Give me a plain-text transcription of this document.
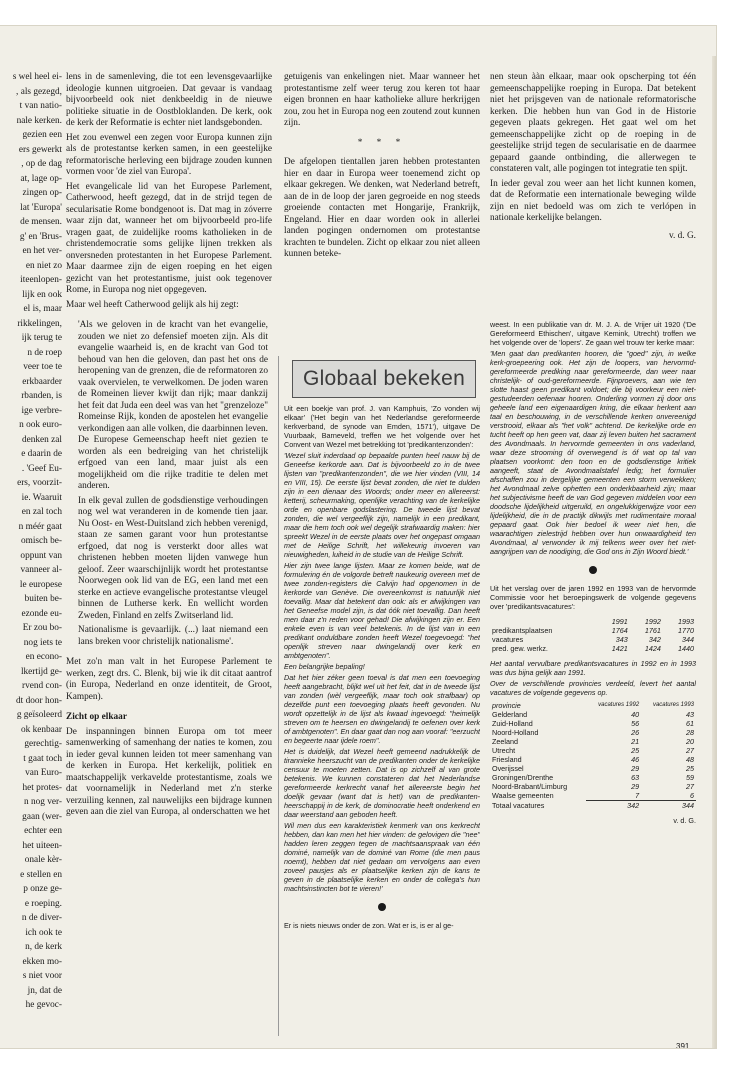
s wel heel ei-

, als gezegd,

t van natio-

nale kerken.

gezien een

ers gewerkt

, op de dag

at, lage op-

zingen op-

lat 'Europa'

de mensen.

g' en 'Brus-

en het ver-

en niet zo

iteenlopen-

lijk en ook

el is, maar

rikkelingen,

ijk terug te

n de roep

veer toe te

erkbaarder

rbanden, is

ige verbre-

n ook euro-

denken zal

e daarin de

. 'Geef Eu-

ers, voorzit-

ie. Waaruit

en zal toch

n méér gaat

omisch be-

oppunt van

vanneer al-

le europese

buiten be-

ezonde eu-

Er zou bo-

nog iets te

en econo-

lkertijd ge-

rvend con-

dt door hon-

g geïsoleerd

ok kenbaar

gerechtig-

t gaat toch

van Euro-

het protes-

n nog ver-

gaan (wer-

echter een

het uiteen-

onale kèr-

e stellen en

p onze ge-

e roeping.

n de diver-

ich ook te

n, de kerk

ekken mo-

s niet voor

jn, dat de

he gevoc-

lens in de samenleving, die tot een levensgevaarlijke ideologie kunnen uitgroeien. Dat gevaar is vandaag bijvoorbeeld ook niet denkbeeldig in de nieuwe politieke situatie in de Oostbloklanden. De kerk, ook de kerk der Reformatie is echter niet landsgebonden.

Het zou evenwel een zegen voor Europa kunnen zijn als de protestantse kerken samen, in een geestelijke reformatorische herleving een bijdrage zouden kunnen vormen voor 'de ziel van Europa'.

Het evangelicale lid van het Europese Parlement, Catherwood, heeft gezegd, dat in de strijd tegen de secularisatie Rome bondgenoot is. Dat mag in zóverre waar zijn dat, wanneer het om bijvoorbeeld pro-life vragen gaat, de zuidelijke rooms katholieken in de christendemocratie soms gelijke lijnen trekken als onversneden protestanten in het Europese Parlement. Maar daarmee zijn de eigen roeping en het eigen gezicht van het protestantisme, juist ook tegenover Rome, in Europa nog niet opgegeven.

Maar wel heeft Catherwood gelijk als hij zegt:

'Als we geloven in de kracht van het evangelie, zouden we niet zo defensief moeten zijn. Als dit evangelie waarheid is, en de kracht van God tot behoud van hen die geloven, dan past het ons de heropening van de grenzen, die de reformatoren zo vaak overvielen, te verwelkomen. De joden waren de Romeinen liever kwijt dan rijk; maar dankzij het feit dat Juda een deel was van het "grenzeloze" Romeinse Rijk, konden de apostelen het evangelie verkondigen aan alle volken, die daarbinnen leven. De Europese Gemeenschap heeft niet gezien te worden als een bedreiging van het christelijk erfgoed van een land, maar juist als een mogelijkheid om die rijke traditie te delen met anderen.

In elk geval zullen de godsdienstige verhoudingen nog wel wat veranderen in de komende tien jaar. Nu Oost- en West-Duitsland zich hebben verenigd, staan ze samen garant voor hun protestantse erfgoed, dat nog is versterkt door alles wat christenen hebben moeten lijden vanwege hun geloof. Zeer waarschijnlijk wordt het protestantse Noorwegen ook lid van de EG, een land met een sterke en actieve evangelische protestantse vleugel binnen de Lutherse kerk. En wellicht worden Zweden, Finland en zelfs Zwitserland lid.

Nationalisme is gevaarlijk. (...) laat niemand een lans breken voor christelijk nationalisme'.

Met zo'n man valt in het Europese Parlement te werken, zegt drs. C. Blenk, bij wie ik dit citaat aantrof (in Europa, Nederland en onze identiteit, de Groot, Kampen).

Zicht op elkaar

De inspanningen binnen Europa om tot meer samenwerking of samenhang der naties te komen, zou in ieder geval kunnen leiden tot meer samenhang van de kerken in Europa. Het kerkelijk, politiek en maatschappelijk verkavelde protestantisme, zoals we dat voornamelijk in Nederland met z'n sterke verzuiling kennen, zal nauwelijks een bijdrage kunnen geven aan die ziel van Europa, al onderschatten we het

getuigenis van enkelingen niet. Maar wanneer het protestantisme zelf weer terug zou keren tot haar eigen bronnen en haar katholieke allure herkrijgen zou, zou het in Europa nog een zoutend zout kunnen zijn.

* * *

De afgelopen tientallen jaren hebben protestanten hier en daar in Europa weer toenemend zicht op elkaar gekregen. We denken, wat Nederland betreft, aan de in de loop der jaren gegroeide en nog steeds groeiende contacten met Hongarije, Frankrijk, Engeland. Hier en daar worden ook in allerlei landen pogingen ondernomen om protestantse krachten te bundelen. Zicht op elkaar zou niet alleen kunnen beteke-

nen steun ààn elkaar, maar ook opscherping tot één gemeenschappelijke roeping in Europa. Dat betekent niet het prijsgeven van de nationale reformatorische kerken. Die hebben hun van God in de Historie gegeven plaats gekregen. Het gaat wel om het gemeenschappelijke zicht op de roeping in de geestelijke strijd tegen de secularisatie en de daarmee gepaard gaande ontbinding, die allerwegen te constateren valt, alle pogingen tot integratie ten spijt.

In ieder geval zou weer aan het licht kunnen komen, dat de Reformatie een internationale beweging wilde zijn en niet bedoeld was om zich te verlópen in nationale kerkelijke belangen.

v. d. G.

Globaal bekeken

Uit een boekje van prof. J. van Kamphuis, 'Zo vonden wij elkaar' ('Het begin van het Nederlandse gereformeerde kerkverband, de synode van Emden, 1571'), uitgave De Vuurbaak, Barneveld, treffen we het volgende over het Convent van Wezel met betrekking tot 'predikantenzonden':

'Wezel sluit inderdaad op bepaalde punten heel nauw bij de Geneefse kerkorde aan. Dat is bijvoorbeeld zo in de twee lijsten van "predikantenzonden", die we hier vinden (VIII, 14 en VIII, 15). De eerste lijst bevat zonden, die niet te dulden zijn in een dienaar des Woords; onder meer en allereerst: ketterij, scheurmaking, openlijke verachting van de kerkelijke orde en openbare godslastering. De tweede lijst bevat zonden, die wel vergeeflijk zijn, namelijk in een predikant, maar die hem toch ook wel degelijk strafwaardig maken: hier spreekt Wezel in de eerste plaats over het ongepast omgaan met de Heilige Schrift, het willekeurig invoeren van nieuwigheden, luiheid in de studie van de Heilige Schrift.

Hier zijn twee lange lijsten. Maar ze komen beide, wat de formulering én de volgorde betreft naukeurig overeen met de twee zonden-registers die Calvijn had opgenomen in de kerkorde van Genève. Die overeenkomst is natuurlijk niet toevallig. Maar dat betekent dan ook: als er afwijkingen van het Geneefse model zijn, is dat óók niet toevallig. Dan heeft men daar z'n reden voor gehad! Die afwijkingen zijn er. Een enkele even is van veel betekenis. In de lijst van in een predikant onduldbare zonden heeft Wezel toegevoegd: "het openlijk streven naar dwingelandij over kerk en ambtgenoten".

Een belangrijke bepaling!

Dat het hier zéker geen toeval is dat men een toevoeging heeft aangebracht, blijkt wel uit het feit, dat in de tweede lijst van zonden (wèl vergeeflijk, maar toch ook strafbaar) op dezelfde punt een toevoeging plaats heeft gevonden. Nu wordt opzettelijk in de lijst als kwaad ingevoegd: "heimelijk streven om te heersen en dwingelandij te oefenen over kerk of ambtgenoten". En daar gaat dan nog aan vooraf: "eerzucht en begeerte naar ijdele roem".

Het is duidelijk, dat Wezel heeft gemeend nadrukkelijk de tirannieke heerszucht van de predikanten onder de kerkelijke censuur te moeten zetten. Dat is op zichzelf al van grote betekenis. We kunnen constateren dat het Nederlandse gereformeerde kerkrecht vanaf het allereerste begin het doelijk gevaar (want dat is het!) van de predikanten-heerschappij in de kerk, de dominocratie heeft onderkend en daar weerstand aan geboden heeft.

Wil men dus een karakteristiek kenmerk van ons kerkrecht hebben, dan kan men het hier vinden: de gelovigen die "nee" hadden leren zeggen tegen de machtsaanspraak van één dominé, namelijk van de dominé van Rome (die men paus noemt), hebben dat niet gedaan om vervolgens aan even zoveel pausjes als er plaatselijke kerken zijn de kans te geven in de plaatselijke kerken en onder de collega's hun machtsinstincten bot te vieren!'

Er is niets nieuws onder de zon. Wat er is, is er al ge-

weest. In een publikatie van dr. M. J. A. de Vrijer uit 1920 ('De Gereformeerd Ethischen', uitgave Kemink, Utrecht) troffen we het volgende over de 'lopers'. Ze gaan wel trouw ter kerke maar:

'Men gaat dan predikanten hooren, die "goed" zijn, in welke kerk-groepeering ook. Het zijn de loopers, van hervormd-gereformeerde prediking naar gereformeerde, dan weer naar christelijk- of oud-gereformeerde. Fijnproevers, aan wie ten slotte haast geen predikant voldoet; die bij voorkeur een niet-gestudeerden oefenaar hooren. Onderling vormen zij door ons geheele land een eigenaardigen kring, die elkaar herkent aan taal en beschouwing, in de verschillende kerken onvereenigd verstrooid, elkaar als "het volk" achtend. De kerkelijke orde en tucht heeft op hen geen vat, daar zij leven buiten het sacrament des Avondmaals. In hervormde gemeenten in ons vaderland, waar deze strooming óf overwegend is óf wat op tal van plaatsen voorkomt: den toon en de godsdienstige kritiek aangeeft, staat de Avondmaalstafel ledig; het formulier afschaffen zou in dergelijke gemeenten een storm verwekken; het Avondmaal zelve ophetten een onderkbaarheid zijn; maar het subjectivisme heeft de van God gegeven middelen voor een doodsche lijdelijkheid uitgeruild, en ongelukkigerwijze voor een lijdelijkheid, die in de practijk dikwijls met rudimentaire moraal gepaard gaat. Ook hier bedoel ik weer niet hen, die waarachtigen zielestrijd hebben over hun onwaardigheid ten Avondmaal, al verwonder ik mij telkens weer over het niet-aangrijpen van de noodiging, die God ons in Zijn Woord biedt.'

Uit het verslag over de jaren 1992 en 1993 van de hervormde Commissie voor het beroepingswerk de volgende gegevens over 'predikantsvacatures':

	1991	1992	1993
predikantsplaatsen	1764	1761	1770
vacatures	343	342	344
pred. gew. werkz.	1421	1424	1440

Het aantal vervulbare predikantsvacatures in 1992 en in 1993 was dus bijna gelijk aan 1991.

Over de verschillende provincies verdeeld, levert het aantal vacatures de volgende gegevens op.

provincie	vacatures 1992	vacatures 1993
Gelderland	40	43
Zuid-Holland	56	61
Noord-Holland	26	28
Zeeland	21	20
Utrecht	25	27
Friesland	46	48
Overijssel	29	25
Groningen/Drenthe	63	59
Noord-Brabant/Limburg	29	27
Waalse gemeenten	7	6

Totaal vacatures	342	344

v. d. G.

391
